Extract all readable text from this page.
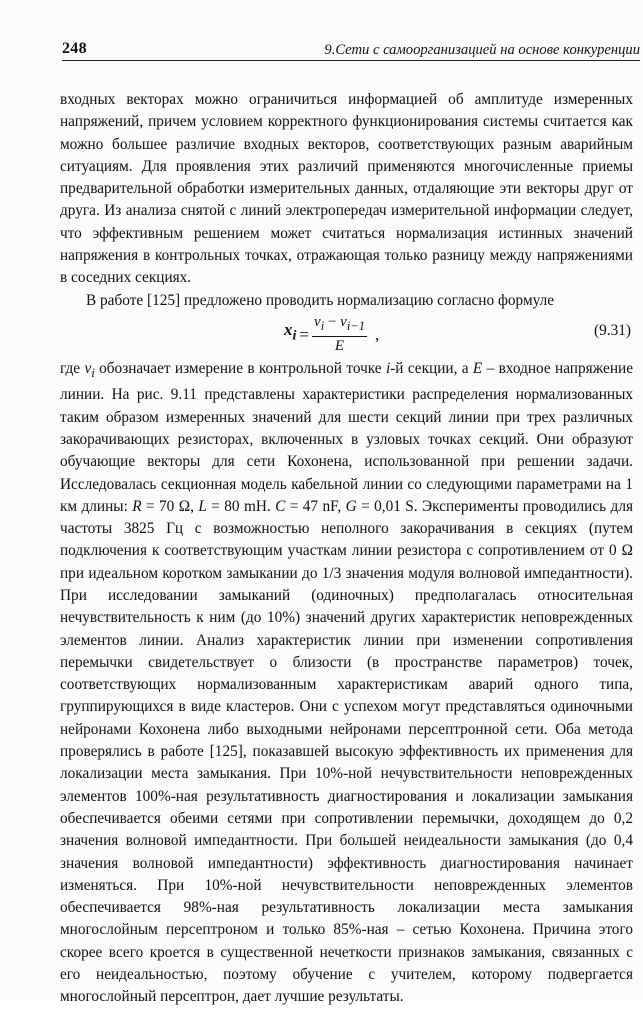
248	9.Сети с самоорганизацией на основе конкуренции

входных векторах можно ограничиться информацией об амплитуде измеренных напряжений, причем условием корректного функционирования системы считается как можно большее различие входных векторов, соответствующих разным аварийным ситуациям. Для проявления этих различий применяются многочисленные приемы предварительной обработки измерительных данных, отдаляющие эти векторы друг от друга. Из анализа снятой с линий электропередач измерительной информации следует, что эффективным решением может считаться нормализация истинных значений напряжения в контрольных точках, отражающая только разницу между напряжениями в соседних секциях.

В работе [125] предложено проводить нормализацию согласно формуле

$x_i = \frac{v_i - v_{i-1}}{E}$ ,	(9.31)

где $v_i$ обозначает измерение в контрольной точке i-й секции, а E – входное напряжение линии. На рис. 9.11 представлены характеристики распределения нормализованных таким образом измеренных значений для шести секций линии при трех различных закорачивающих резисторах, включенных в узловых точках секций. Они образуют обучающие векторы для сети Кохонена, использованной при решении задачи. Исследовалась секционная модель кабельной линии со следующими параметрами на 1 км длины: R = 70 Ω, L = 80 mH. C = 47 nF, G = 0,01 S. Эксперименты проводились для частоты 3825 Гц с возможностью неполного закорачивания в секциях (путем подключения к соответствующим участкам линии резистора с сопротивлением от 0 Ω при идеальном коротком замыкании до 1/3 значения модуля волновой импедантности). При исследовании замыканий (одиночных) предполагалась относительная нечувствительность к ним (до 10%) значений других характеристик неповрежденных элементов линии. Анализ характеристик линии при изменении сопротивления перемычки свидетельствует о близости (в пространстве параметров) точек, соответствующих нормализованным характеристикам аварий одного типа, группирующихся в виде кластеров. Они с успехом могут представляться одиночными нейронами Кохонена либо выходными нейронами персептронной сети. Оба метода проверялись в работе [125], показавшей высокую эффективность их применения для локализации места замыкания. При 10%-ной нечувствительности неповрежденных элементов 100%-ная результативность диагностирования и локализации замыкания обеспечивается обеими сетями при сопротивлении перемычки, доходящем до 0,2 значения волновой импедантности. При большей неидеальности замыкания (до 0,4 значения волновой импедантности) эффективность диагностирования начинает изменяться. При 10%-ной нечувствительности неповрежденных элементов обеспечивается 98%-ная результативность локализации места замыкания многослойным персептроном и только 85%-ная – сетью Кохонена. Причина этого скорее всего кроется в существенной нечеткости признаков замыкания, связанных с его неидеальностью, поэтому обучение с учителем, которому подвергается многослойный персептрон, дает лучшие результаты.
